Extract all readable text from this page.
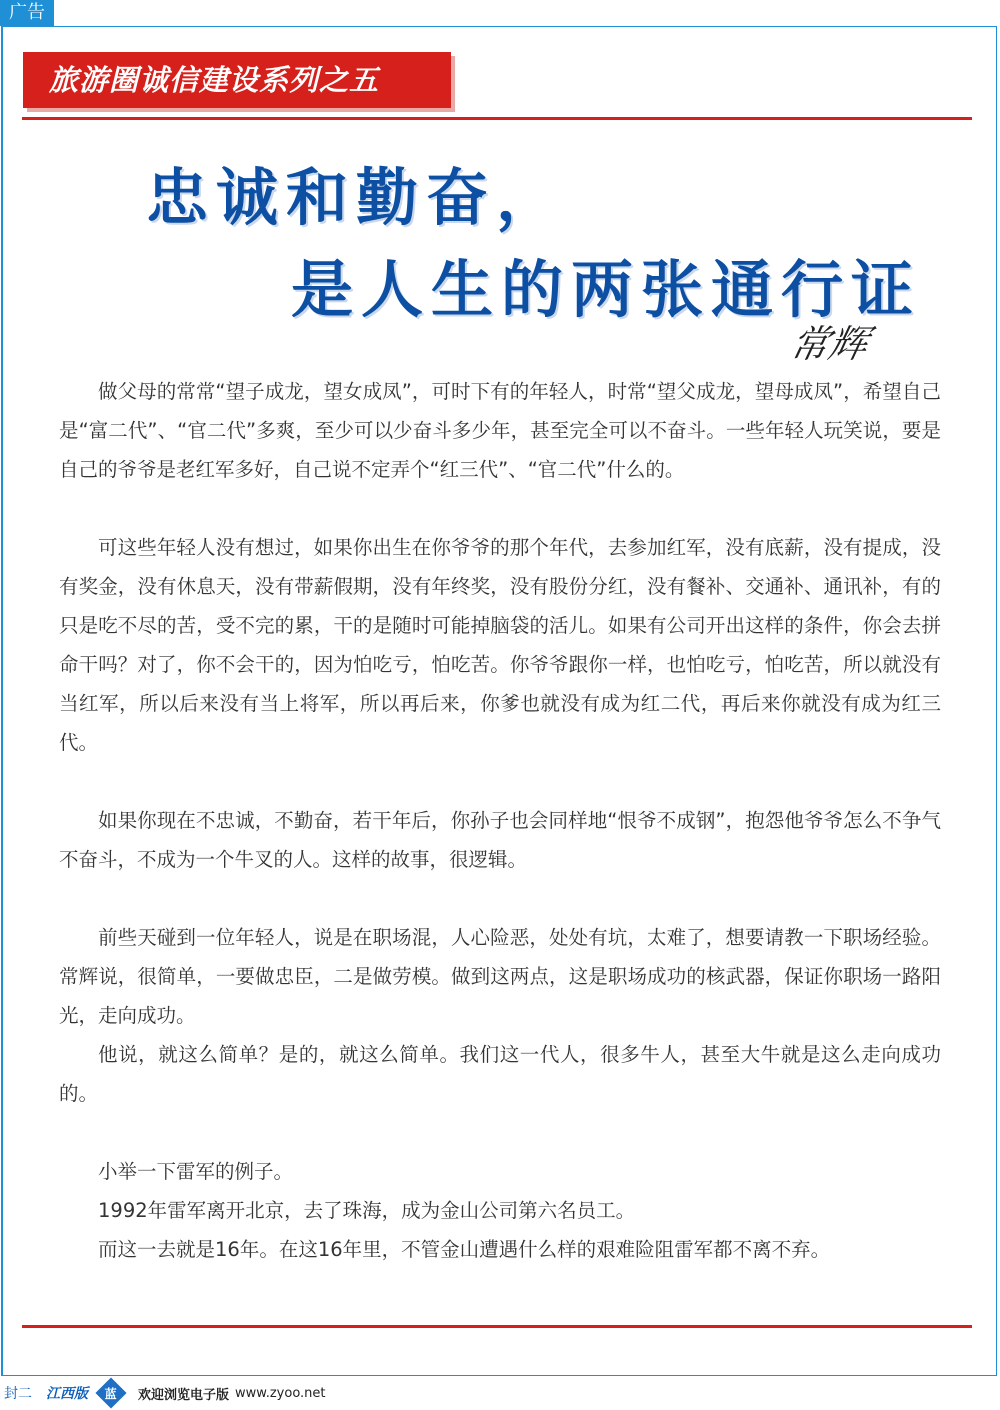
广告
旅游圈诚信建设系列之五
忠诚和勤奋，
是人生的两张通行证
常辉

做父母的常常“望子成龙，望女成凤”，可时下有的年轻人，时常“望父成龙，望母成凤”，希望自己是“富二代”、“官二代”多爽，至少可以少奋斗多少年，甚至完全可以不奋斗。一些年轻人玩笑说，要是自己的爷爷是老红军多好，自己说不定弄个“红三代”、“官二代”什么的。

可这些年轻人没有想过，如果你出生在你爷爷的那个年代，去参加红军，没有底薪，没有提成，没有奖金，没有休息天，没有带薪假期，没有年终奖，没有股份分红，没有餐补、交通补、通讯补，有的只是吃不尽的苦，受不完的累，干的是随时可能掉脑袋的活儿。如果有公司开出这样的条件，你会去拼命干吗？对了，你不会干的，因为怕吃亏，怕吃苦。你爷爷跟你一样，也怕吃亏，怕吃苦，所以就没有当红军，所以后来没有当上将军，所以再后来，你爹也就没有成为红二代，再后来你就没有成为红三代。

如果你现在不忠诚，不勤奋，若干年后，你孙子也会同样地“恨爷不成钢”，抱怨他爷爷怎么不争气不奋斗，不成为一个牛叉的人。这样的故事，很逻辑。

前些天碰到一位年轻人，说是在职场混，人心险恶，处处有坑，太难了，想要请教一下职场经验。常辉说，很简单，一要做忠臣，二是做劳模。做到这两点，这是职场成功的核武器，保证你职场一路阳光，走向成功。

他说，就这么简单？是的，就这么简单。我们这一代人，很多牛人，甚至大牛就是这么走向成功的。

小举一下雷军的例子。

1992年雷军离开北京，去了珠海，成为金山公司第六名员工。

而这一去就是16年。在这16年里，不管金山遭遇什么样的艰难险阻雷军都不离不弃。

封二 江西版 蓝 欢迎浏览电子版 www.zyoo.net
